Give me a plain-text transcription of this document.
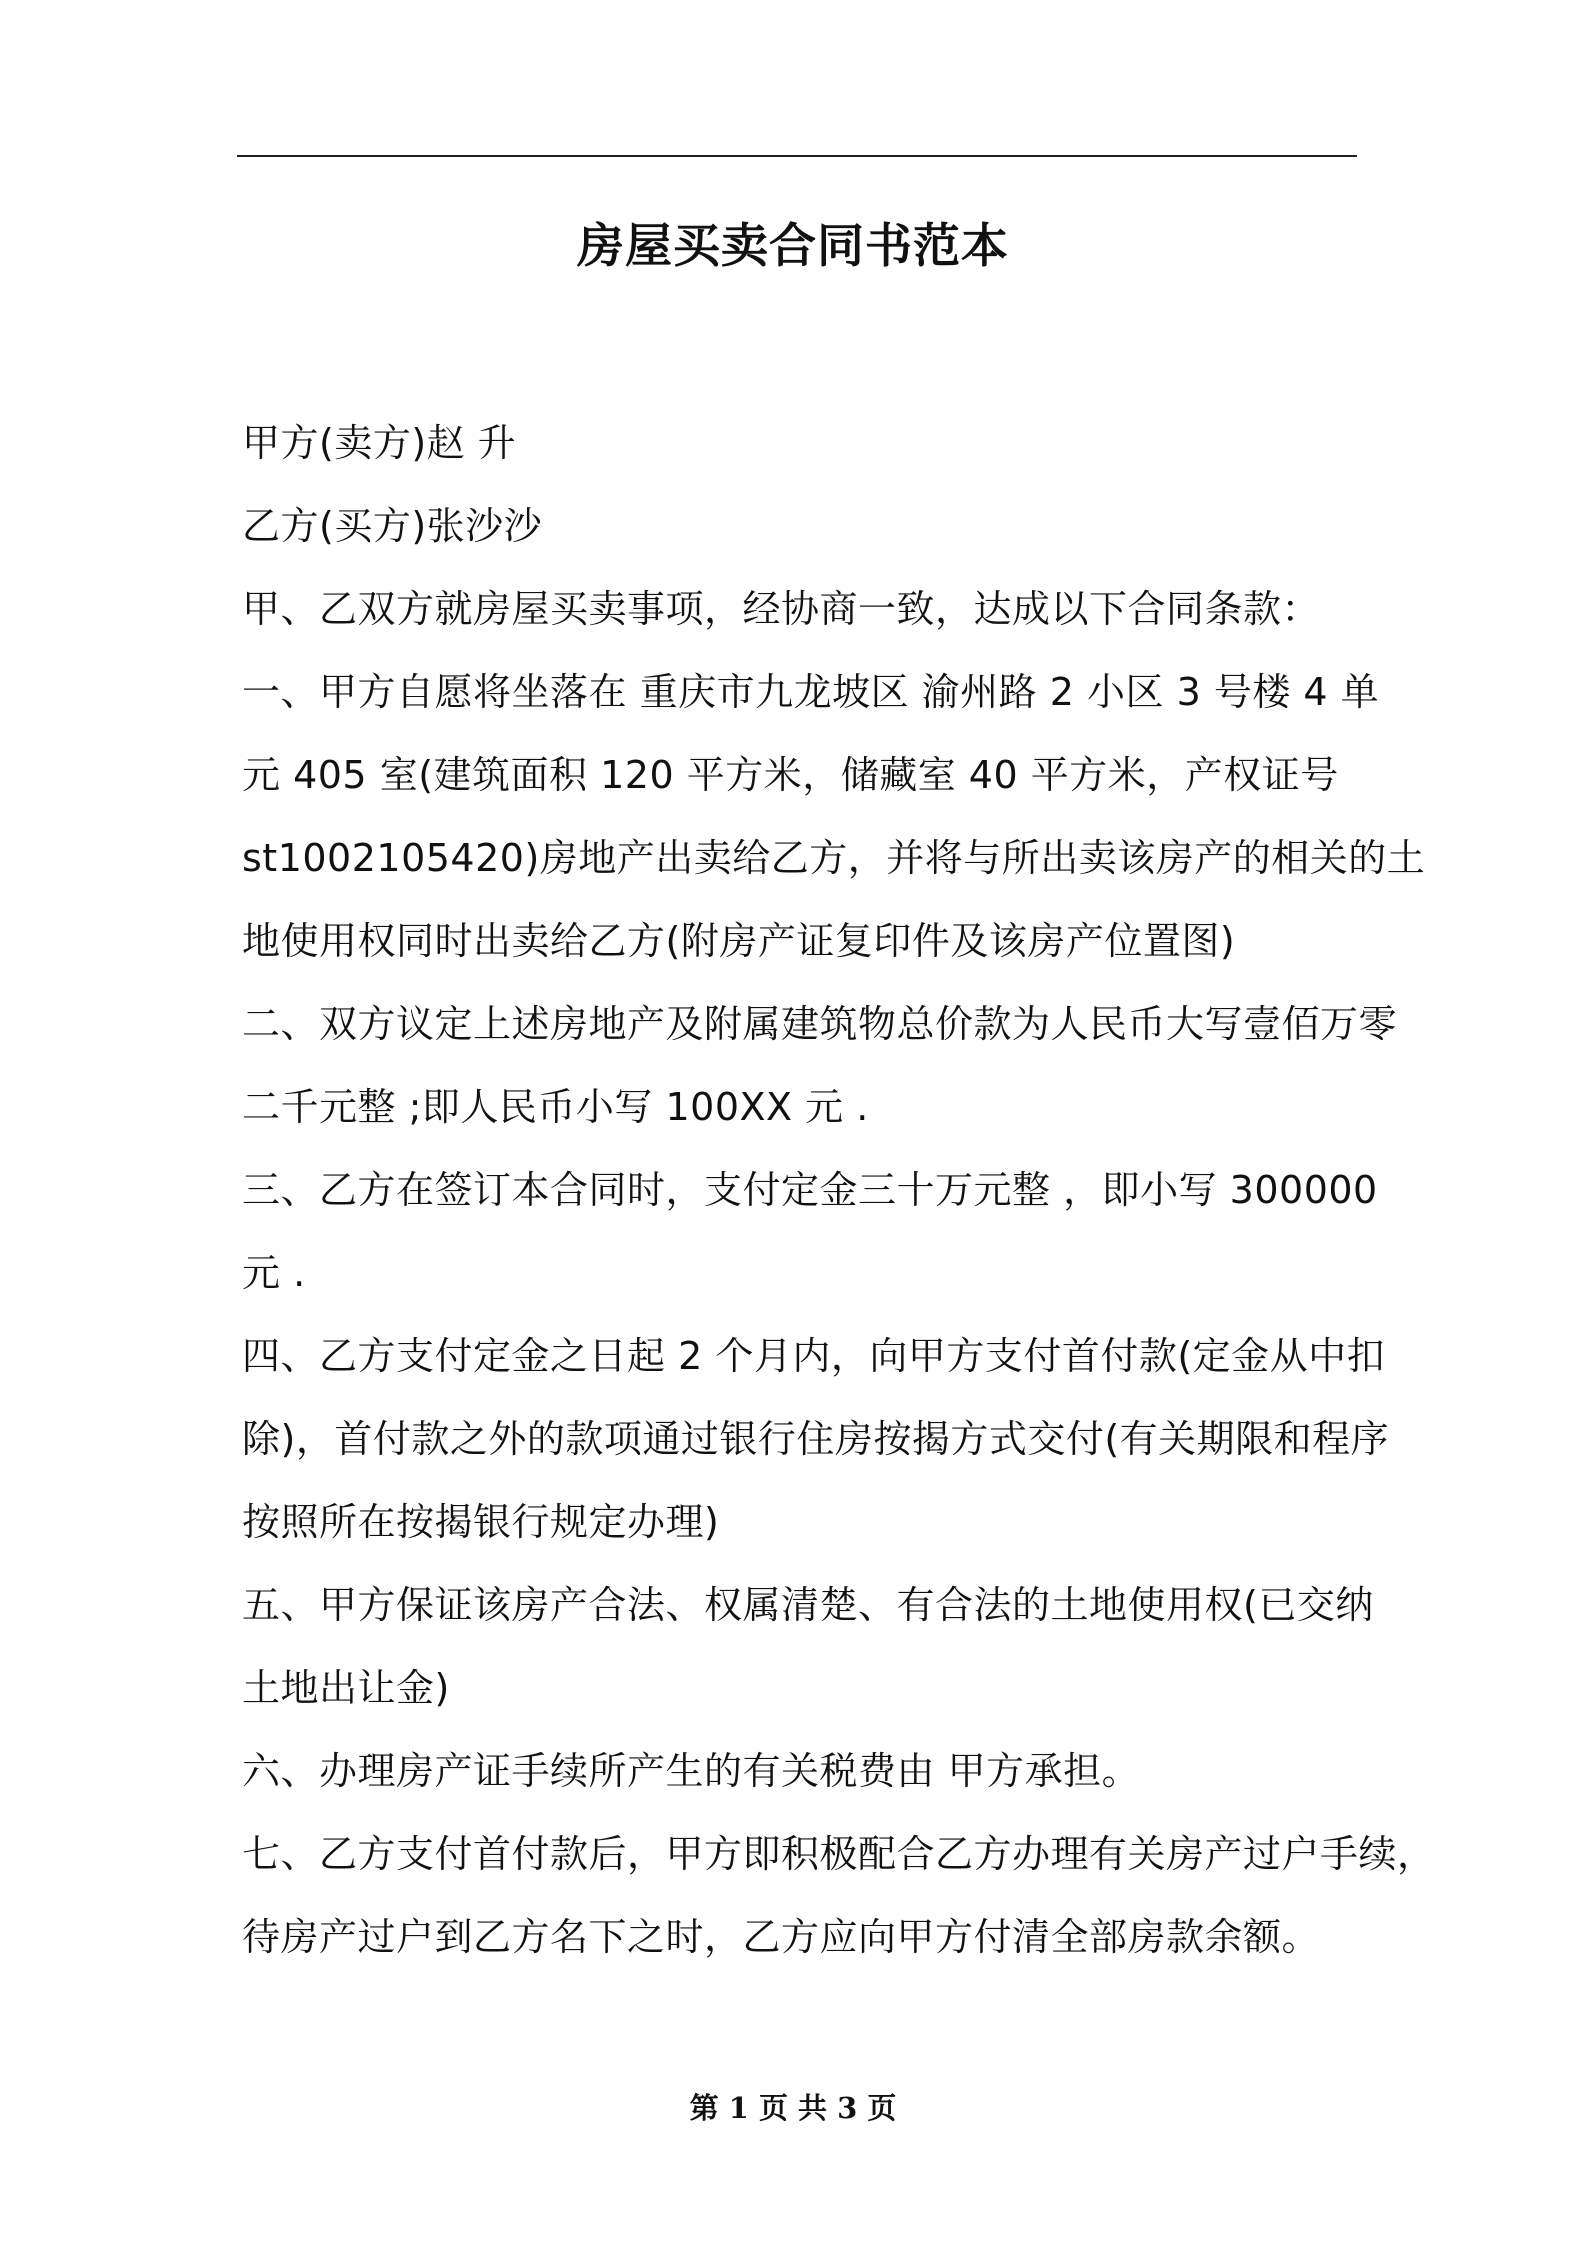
房屋买卖合同书范本
甲方(卖方)赵 升
乙方(买方)张沙沙
甲、乙双方就房屋买卖事项，经协商一致，达成以下合同条款：
一、甲方自愿将坐落在 重庆市九龙坡区 渝州路 2 小区 3 号楼 4 单
元 405 室(建筑面积 120 平方米，储藏室 40 平方米，产权证号
st1002105420)房地产出卖给乙方，并将与所出卖该房产的相关的土
地使用权同时出卖给乙方(附房产证复印件及该房产位置图)
二、双方议定上述房地产及附属建筑物总价款为人民币大写壹佰万零
二千元整 ;即人民币小写 100XX 元 .
三、乙方在签订本合同时，支付定金三十万元整 ，即小写 300000
元 .
四、乙方支付定金之日起 2 个月内，向甲方支付首付款(定金从中扣
除)，首付款之外的款项通过银行住房按揭方式交付(有关期限和程序
按照所在按揭银行规定办理)
五、甲方保证该房产合法、权属清楚、有合法的土地使用权(已交纳
土地出让金)
六、办理房产证手续所产生的有关税费由 甲方承担。
七、乙方支付首付款后，甲方即积极配合乙方办理有关房产过户手续，
待房产过户到乙方名下之时，乙方应向甲方付清全部房款余额。
第 1 页 共 3 页
